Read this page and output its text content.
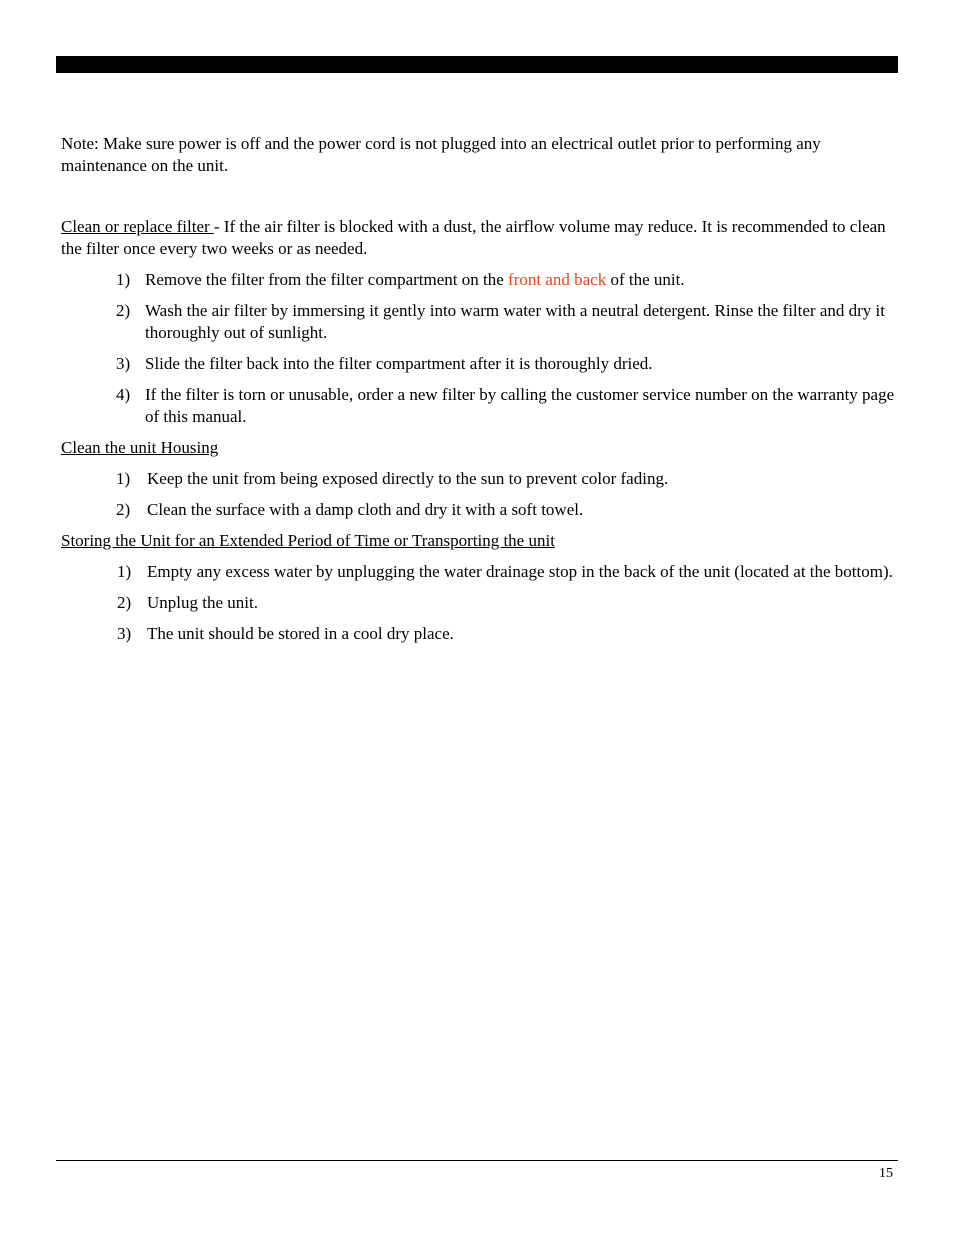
Note: Make sure power is off and the power cord is not plugged into an electrical outlet prior to performing any maintenance on the unit.

Clean or replace filter - If the air filter is blocked with a dust, the airflow volume may reduce. It is recommended to clean the filter once every two weeks or as needed.

1) Remove the filter from the filter compartment on the front and back of the unit.
2) Wash the air filter by immersing it gently into warm water with a neutral detergent. Rinse the filter and dry it thoroughly out of sunlight.
3) Slide the filter back into the filter compartment after it is thoroughly dried.
4) If the filter is torn or unusable, order a new filter by calling the customer service number on the warranty page of this manual.

Clean the unit Housing

1) Keep the unit from being exposed directly to the sun to prevent color fading.
2) Clean the surface with a damp cloth and dry it with a soft towel.

Storing the Unit for an Extended Period of Time or Transporting the unit

1) Empty any excess water by unplugging the water drainage stop in the back of the unit (located at the bottom).
2) Unplug the unit.
3) The unit should be stored in a cool dry place.
15
